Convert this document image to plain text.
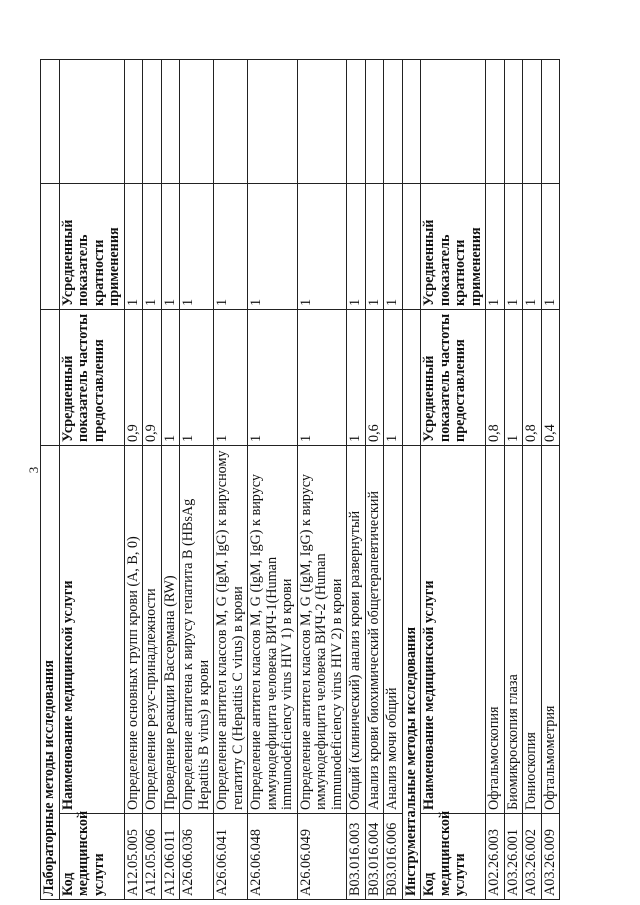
3
Лабораторные методы исследования				
Код медицинской услуги	Наименование медицинской услуги	Усредненный показатель частоты предоставления	Усредненный показатель кратности применения	
A12.05.005	Определение основных групп крови (А, В, 0)	0,9	1	
A12.05.006	Определение резус-принадлежности	0,9	1	
A12.06.011	Проведение реакции Вассермана (RW)	1	1	
A26.06.036	Определение антигена к вирусу гепатита В (HBsAg Hepatitis В virus) в крови	1	1	
A26.06.041	Определение антител классов M, G (IgM, IgG) к вирусному гепатиту С (Hepatitis С virus) в крови	1	1	
A26.06.048	Определение антител классов M, G (IgM, IgG) к вирусу иммунодефицита человека ВИЧ-1(Human immunodeficiency virus HIV 1) в крови	1	1	
A26.06.049	Определение антител классов M, G (IgM, IgG) к вирусу иммунодефицита человека ВИЧ-2 (Human immunodeficiency virus HIV 2) в крови	1	1	
B03.016.003	Общий (клинический) анализ крови развернутый	1	1	
B03.016.004	Анализ крови биохимический общетерапевтический	0,6	1	
B03.016.006	Анализ мочи общий	1	1	
Инструментальные методы исследования				
Код медицинской услуги	Наименование медицинской услуги	Усредненный показатель частоты предоставления	Усредненный показатель кратности применения	
A02.26.003	Офтальмоскопия	0,8	1	
A03.26.001	Биомикроскопия глаза	1	1	
A03.26.002	Гониоскопия	0,8	1	
A03.26.009	Офтальмометрия	0,4	1	
